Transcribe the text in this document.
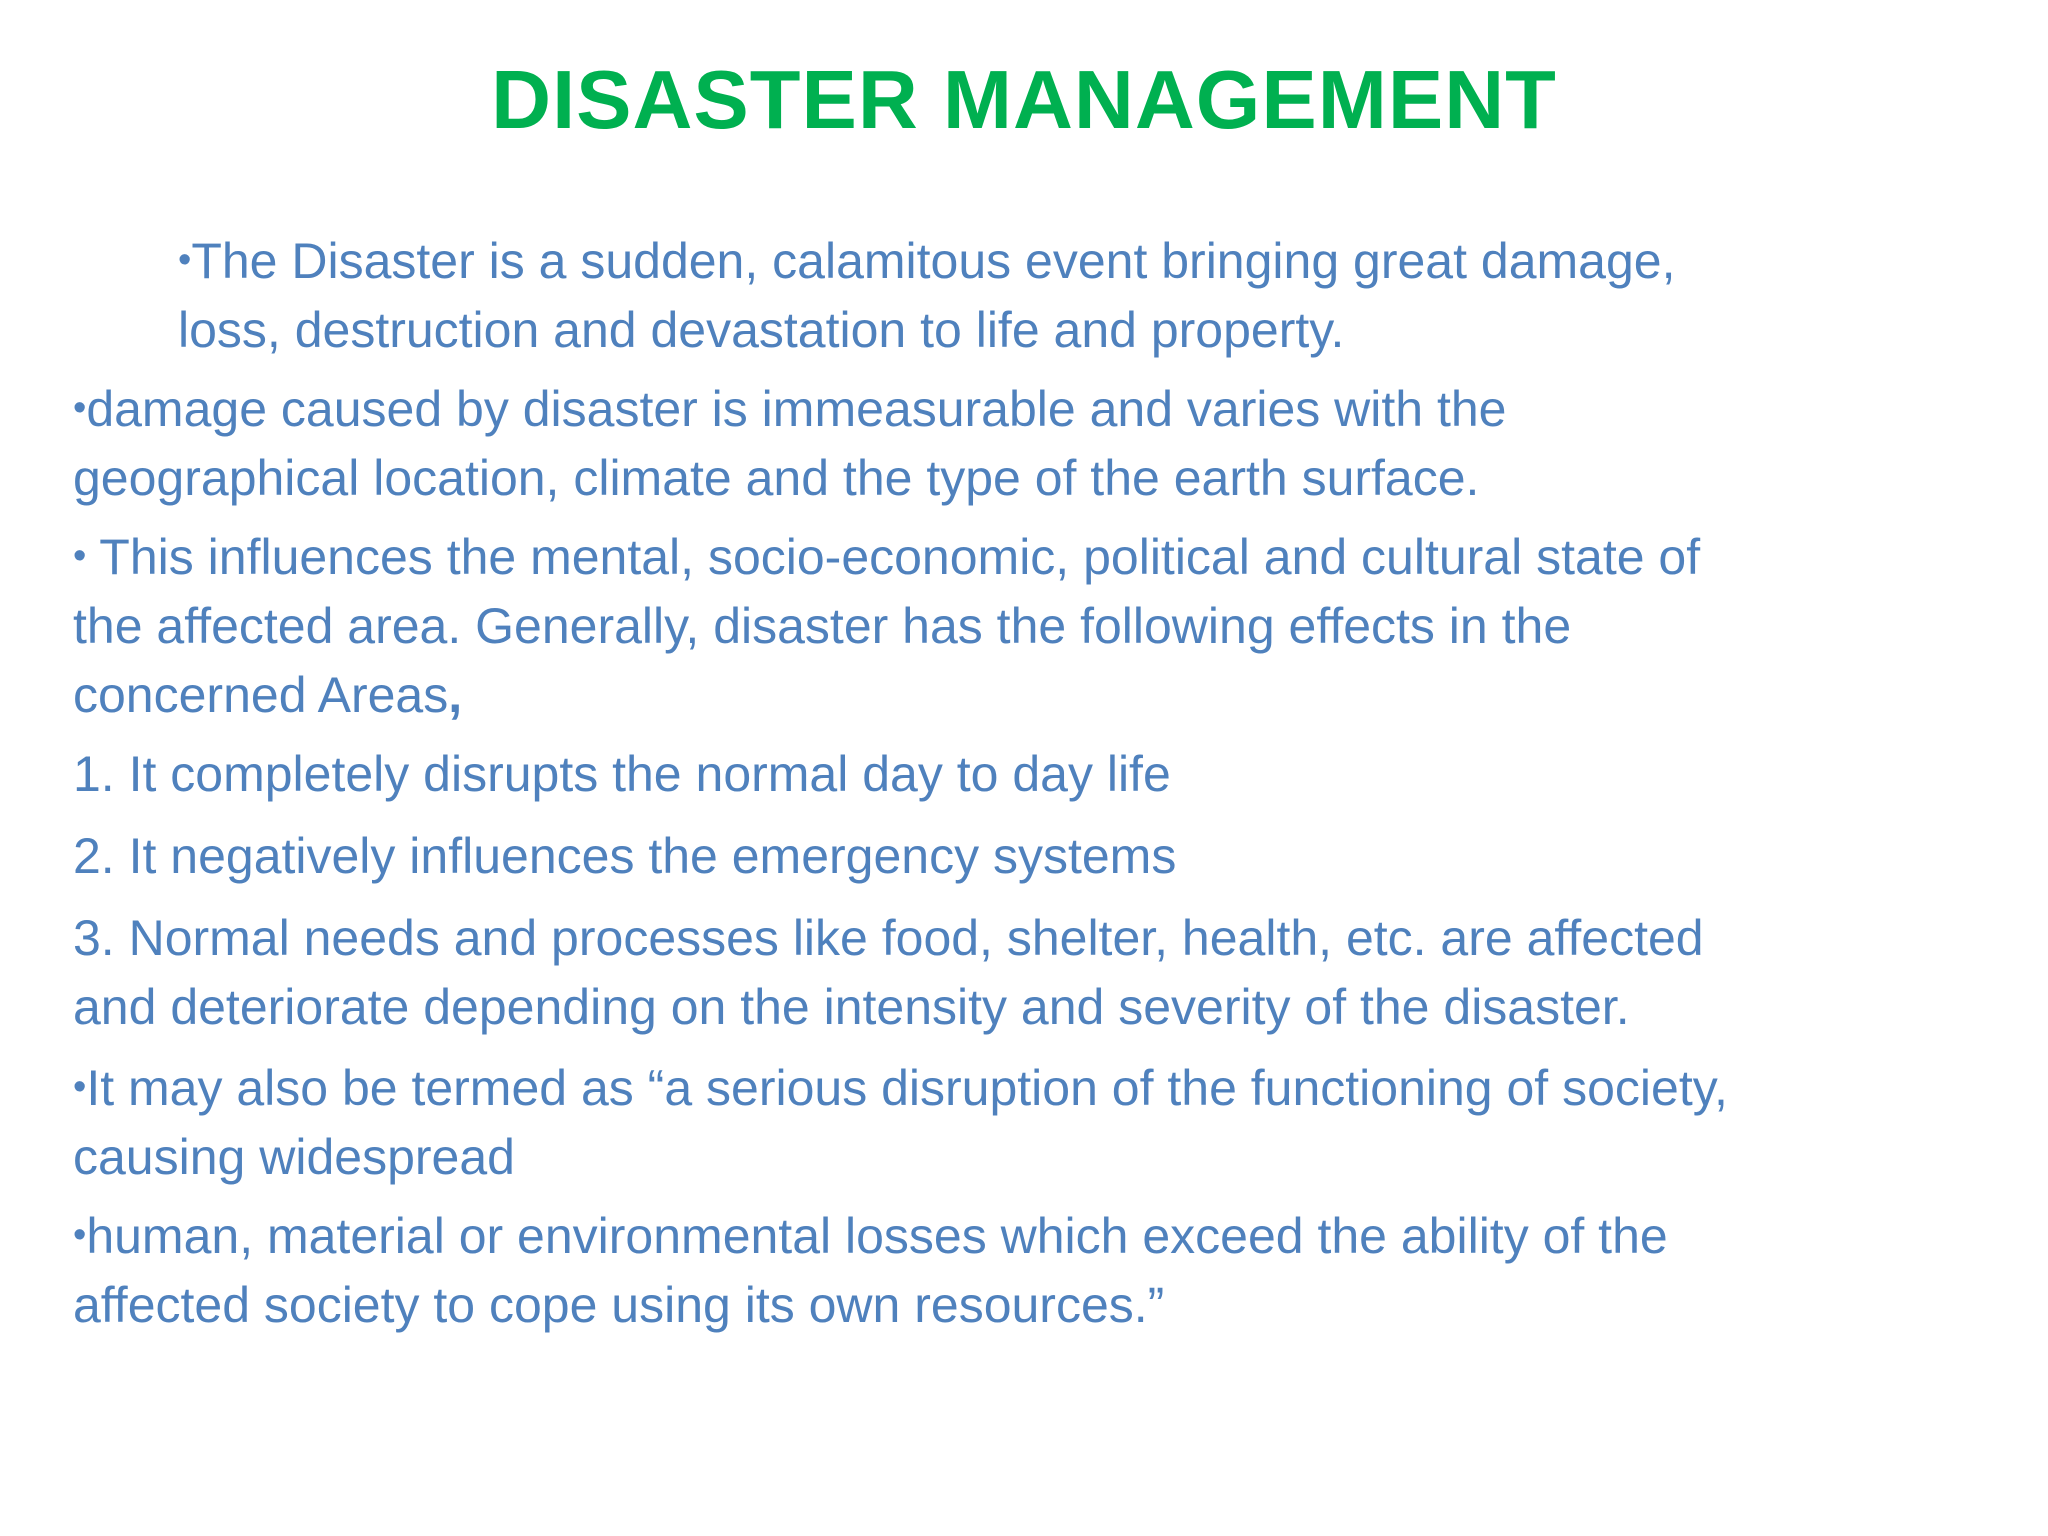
DISASTER MANAGEMENT

•The Disaster is a sudden, calamitous event bringing great damage,
loss, destruction and devastation to life and property.

•damage caused by disaster is immeasurable and varies with the
geographical location, climate and the type of the earth surface.

• This influences the mental, socio-economic, political and cultural state of
the affected area. Generally, disaster has the following effects in the
concerned Areas,

1. It completely disrupts the normal day to day life

2. It negatively influences the emergency systems

3. Normal needs and processes like food, shelter, health, etc. are affected
and deteriorate depending on the intensity and severity of the disaster.

•It may also be termed as “a serious disruption of the functioning of society,
causing widespread

•human, material or environmental losses which exceed the ability of the
affected society to cope using its own resources.”
